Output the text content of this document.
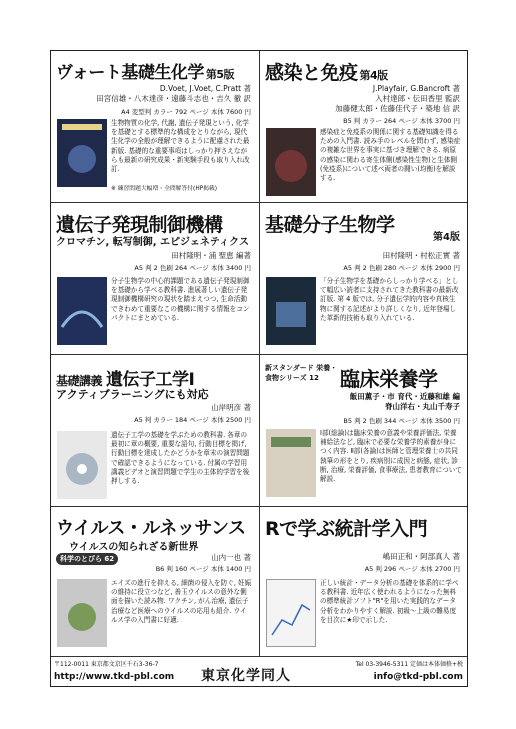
ヴォート基礎生化学 第5版
D.Voet, J.Voet, C.Pratt 著
田宮信雄・八木達彦・遠藤斗志也・吉久 徹 訳
A4 変型判 カラー 792 ページ 本体 7600 円
生物物質の化学, 代謝, 遺伝子発現という, 化学を基礎とする標準的な構成をとりながら, 現代生化学の全般が理解できるように配慮された最新版. 基礎的な重要事項はしっかり押さえながらも最新の研究成果・新実験手段も取り入れ改訂.
※ 練習問題大幅増・全問解答付(HP掲載)
感染と免疫 第4版
J.Playfair, G.Bancroft 著
入村達郎・伝田香里 監訳
加藤健太郎・佐藤佳代子・築地 信 訳
B5 判 カラー 264 ページ 本体 3700 円
感染症と免疫系の関係に関する基礎知識を得るための入門書. 読み手のレベルを問わず, 感染症の複雑な世界を事実に基づき理解できる. 病原の感染に関わる寄生体側(感染性生物)と生体側(免疫系)について述べ両者の闘い(均衡)を解説する.
遺伝子発現制御機構
クロマチン, 転写制御, エピジェネティクス
田村隆明・浦 聖恵 編著
A5 判 2 色刷 264 ページ 本体 3400 円
分子生物学の中心的課題である遺伝子発現制御を基礎から学べる教科書. 進展著しい遺伝子発現制御機構研究の現状を踏まえつつ, 生命活動できわめて重要なこの機構に関する情報をコンパクトにまとめている.
基礎分子生物学
第4版
田村隆明・村松正實 著
A5 判 2 色刷 280 ページ 本体 2900 円
「分子生物学を基礎からしっかり学べる」として幅広い読者に支持されてきた教科書の最新改訂版. 第 4 版では, 分子遺伝学的内容や真核生物に関する記述がより詳しくなり, 近年登場した革新的技術も取り入れている.
基礎講義 遺伝子工学Ⅰ
アクティブラーニングにも対応
山岸明彦 著
A5 判 カラー 184 ページ 本体 2500 円
遺伝子工学の基礎を学ぶための教科書. 各章の最初に章の概要, 重要な語句, 行動目標を掲げ, 行動目標を達成したかどうかを章末の演習問題で確認できるようになっている. 付属の学習用講義ビデオと演習問題で学生の主体的学習を後押しする.
新スタンダード 栄養・食物シリーズ 12	臨床栄養学
飯田薫子・市 育代・近藤和雄 編
脊山洋右・丸山千寿子
B5 判 2 色刷 344 ページ 本体 3500 円
Ⅰ部(総論)は臨床栄養の意義や栄養評価法, 栄養補給法など, 臨床で必要な栄養学的素養が身につく内容. Ⅱ部(各論)は医師と管理栄養士の共同執筆の形をとり, 疾病別に成因と病態, 症状, 診断, 治療, 栄養評価, 食事療法, 患者教育について解説.
ウイルス・ルネッサンス
ウイルスの知られざる新世界
科学のとびら 62	山内一也 著
B6 判 160 ページ 本体 1400 円
エイズの進行を抑える, 細菌の侵入を防ぐ, 妊娠の維持に役立つなど, 善玉ウイルスの意外な側面を描いた読み物. ワクチン, がん治療, 遺伝子治療など医療へのウイルスの応用も紹介. ウイルス学の入門書に好適.
Rで学ぶ統計学入門
嶋田正和・阿部真人 著
A5 判 296 ページ 本体 2700 円
正しい統計・データ分析の基礎を体系的に学べる教科書. 近年広く使われるようになった無料の標準統計ソフト"R"を用いた実践的なデータ分析をわかりやすく解説. 初級～上級の難易度を目次に★印で示した.
〒112-0011 東京都文京区千石3-36-7	Tel 03-3946-5311 定価は本体価格+税
http://www.tkd-pbl.com 東京化学同人	info@tkd-pbl.com
